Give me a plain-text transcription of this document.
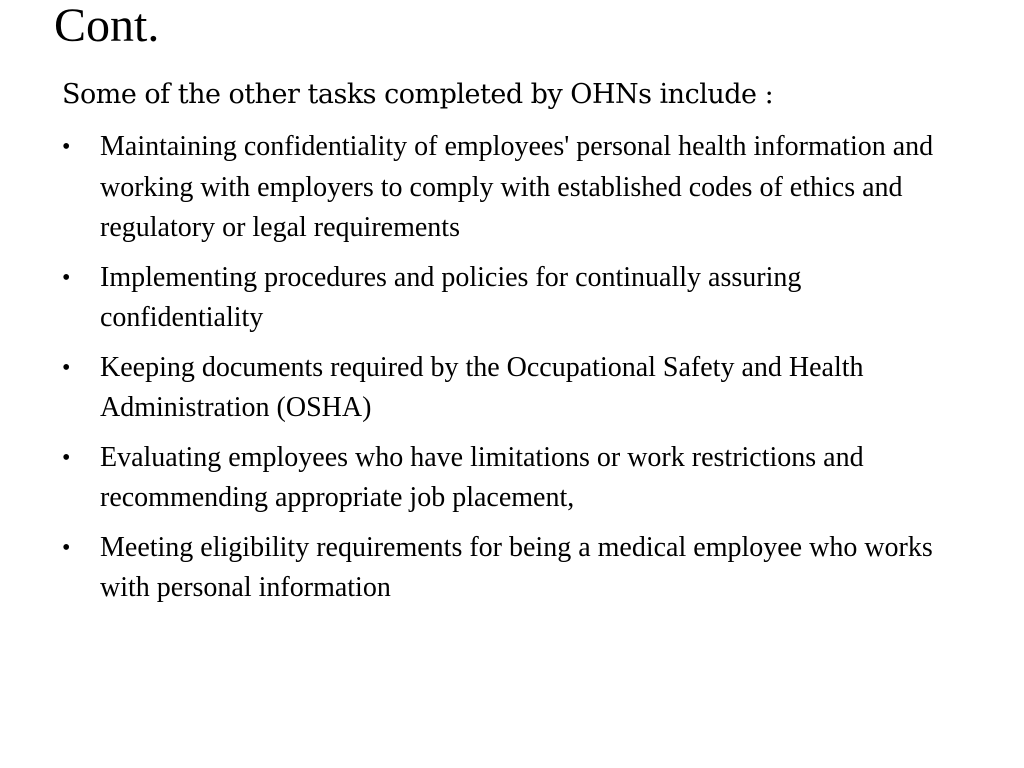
Cont.

Some of the other tasks completed by OHNs include :

•	Maintaining confidentiality of employees' personal health information and working with employers to comply with established codes of ethics and regulatory or legal requirements
•	Implementing procedures and policies for continually assuring confidentiality
•	Keeping documents required by the Occupational Safety and Health Administration (OSHA)
•	Evaluating employees who have limitations or work restrictions and recommending appropriate job placement,
•	Meeting eligibility requirements for being a medical employee who works with personal information
